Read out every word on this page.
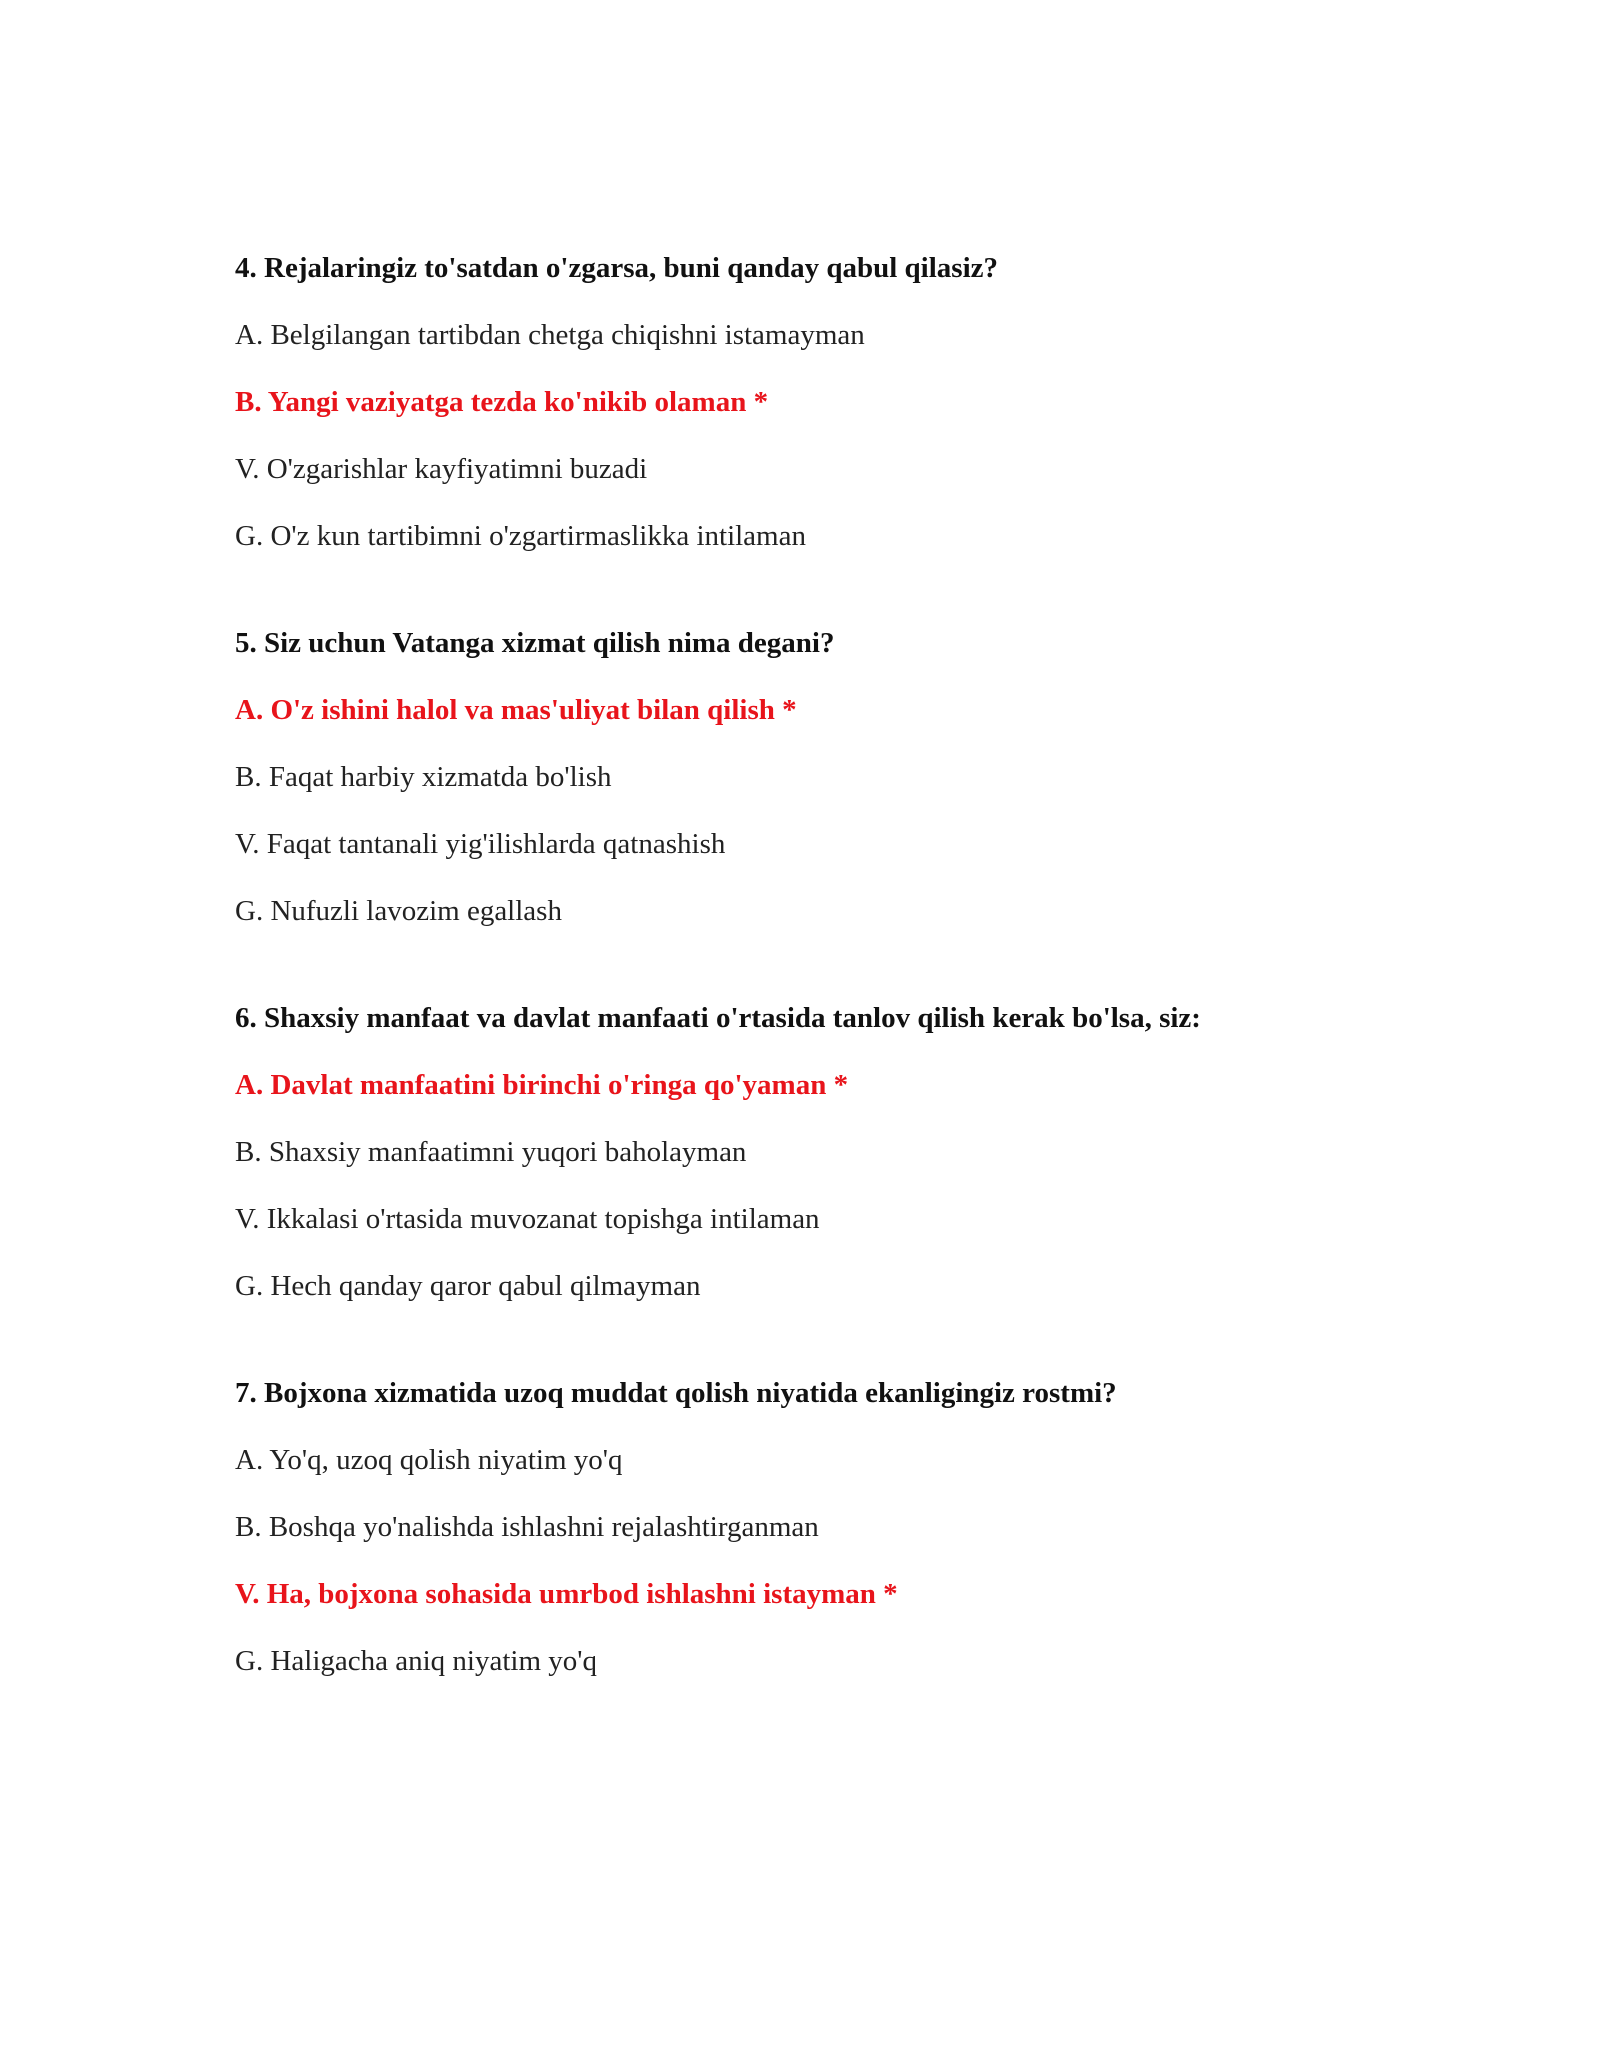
4. Rejalaringiz to'satdan o'zgarsa, buni qanday qabul qilasiz?
A. Belgilangan tartibdan chetga chiqishni istamayman
B. Yangi vaziyatga tezda ko'nikib olaman *
V. O'zgarishlar kayfiyatimni buzadi
G. O'z kun tartibimni o'zgartirmaslikka intilaman
5. Siz uchun Vatanga xizmat qilish nima degani?
A. O'z ishini halol va mas'uliyat bilan qilish *
B. Faqat harbiy xizmatda bo'lish
V. Faqat tantanali yig'ilishlarda qatnashish
G. Nufuzli lavozim egallash
6. Shaxsiy manfaat va davlat manfaati o'rtasida tanlov qilish kerak bo'lsa, siz:
A. Davlat manfaatini birinchi o'ringa qo'yaman *
B. Shaxsiy manfaatimni yuqori baholayman
V. Ikkalasi o'rtasida muvozanat topishga intilaman
G. Hech qanday qaror qabul qilmayman
7. Bojxona xizmatida uzoq muddat qolish niyatida ekanligingiz rostmi?
A. Yo'q, uzoq qolish niyatim yo'q
B. Boshqa yo'nalishda ishlashni rejalashtirganman
V. Ha, bojxona sohasida umrbod ishlashni istayman *
G. Haligacha aniq niyatim yo'q
